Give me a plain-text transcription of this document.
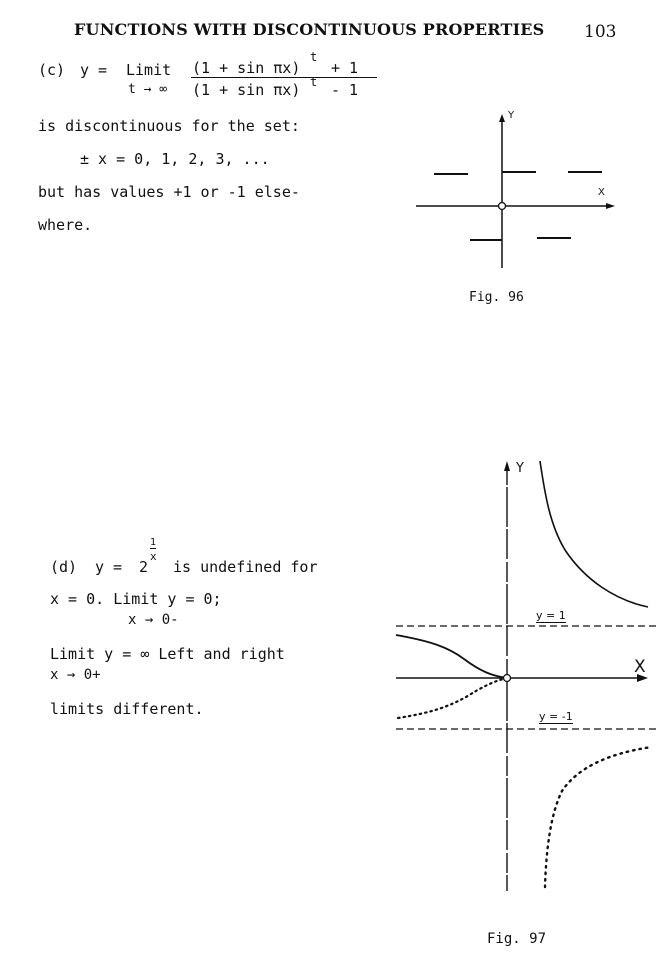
FUNCTIONS WITH DISCONTINUOUS PROPERTIES 103
(c) y = Limit (1 + sin πx)
t
+ 1
t → ∞ (1 + sin πx) t - 1
is discontinuous for the set:
± x = 0, 1, 2, 3, ...
but has values +1 or -1 else-
where.
Y
X
Fig. 96
(d) y = 2
1
x
is undefined for
x = 0. Limit y = 0;
x → 0-
Limit y = ∞ Left and right
x → 0+
limits different.
Y
X
y = 1
y = -1
Fig. 97
